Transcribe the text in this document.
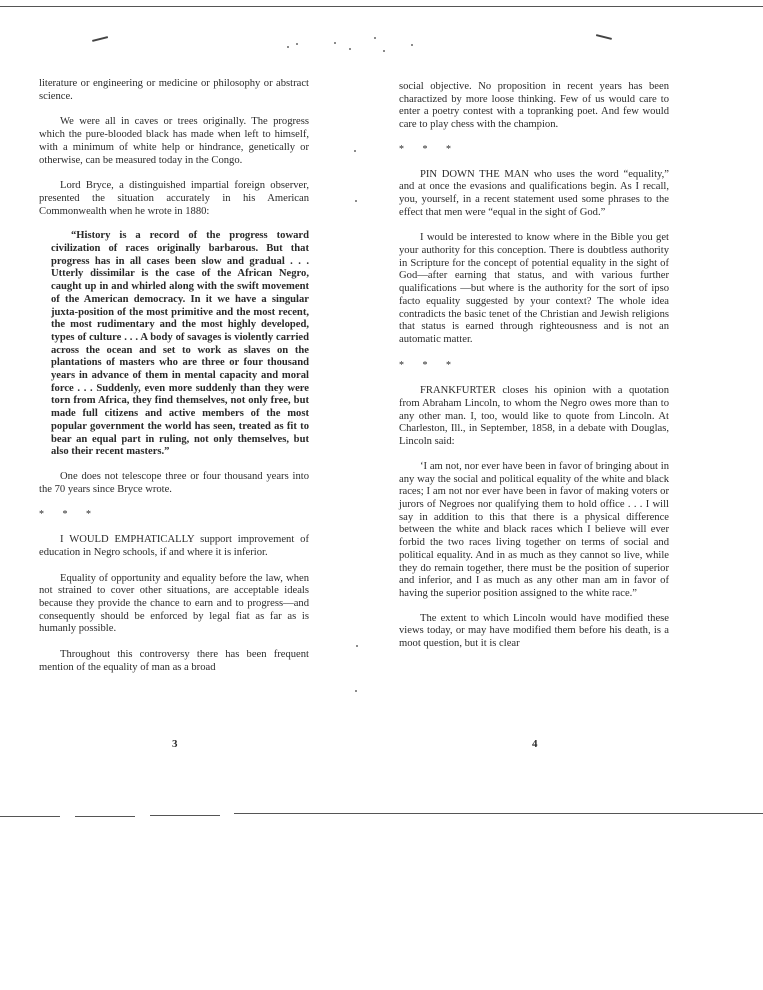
literature or engineering or medicine or philosophy or abstract science.

We were all in caves or trees originally. The progress which the pure-blooded black has made when left to himself, with a minimum of white help or hindrance, genetically or otherwise, can be measured today in the Congo.

Lord Bryce, a distinguished impartial foreign observer, presented the situation accurately in his American Commonwealth when he wrote in 1880:

“History is a record of the progress toward civilization of races originally barbarous. But that progress has in all cases been slow and gradual . . . Utterly dissimilar is the case of the African Negro, caught up in and whirled along with the swift movement of the American democracy. In it we have a singular juxta-position of the most primitive and the most recent, the most rudimentary and the most highly developed, types of culture . . . A body of savages is violently carried across the ocean and set to work as slaves on the plantations of masters who are three or four thousand years in advance of them in mental capacity and moral force . . . Suddenly, even more suddenly than they were torn from Africa, they find themselves, not only free, but made full citizens and active members of the most popular government the world has seen, treated as fit to bear an equal part in ruling, not only themselves, but also their recent masters.”

One does not telescope three or four thousand years into the 70 years since Bryce wrote.

* * *

I WOULD EMPHATICALLY support improvement of education in Negro schools, if and where it is inferior.

Equality of opportunity and equality before the law, when not strained to cover other situations, are acceptable ideals because they provide the chance to earn and to progress—and consequently should be enforced by legal fiat as far as is humanly possible.

Throughout this controversy there has been frequent mention of the equality of man as a broad

3

social objective. No proposition in recent years has been charactized by more loose thinking. Few of us would care to enter a poetry contest with a topranking poet. And few would care to play chess with the champion.

* * *

PIN DOWN THE MAN who uses the word “equality,” and at once the evasions and qualifications begin. As I recall, you, yourself, in a recent statement used some phrases to the effect that men were “equal in the sight of God.”

I would be interested to know where in the Bible you get your authority for this conception. There is doubtless authority in Scripture for the concept of potential equality in the sight of God—after earning that status, and with various further qualifications —but where is the authority for the sort of ipso facto equality suggested by your context? The whole idea contradicts the basic tenet of the Christian and Jewish religions that status is earned through righteousness and is not an automatic matter.

* * *

FRANKFURTER closes his opinion with a quotation from Abraham Lincoln, to whom the Negro owes more than to any other man. I, too, would like to quote from Lincoln. At Charleston, Ill., in September, 1858, in a debate with Douglas, Lincoln said:

‘I am not, nor ever have been in favor of bringing about in any way the social and political equality of the white and black races; I am not nor ever have been in favor of making voters or jurors of Negroes nor qualifying them to hold office . . . I will say in addition to this that there is a physical difference between the white and black races which I believe will ever forbid the two races living together on terms of social and political equality. And in as much as they cannot so live, while they do remain together, there must be the position of superior and inferior, and I as much as any other man am in favor of having the superior position assigned to the white race.”

The extent to which Lincoln would have modified these views today, or may have modified them before his death, is a moot question, but it is clear

4
